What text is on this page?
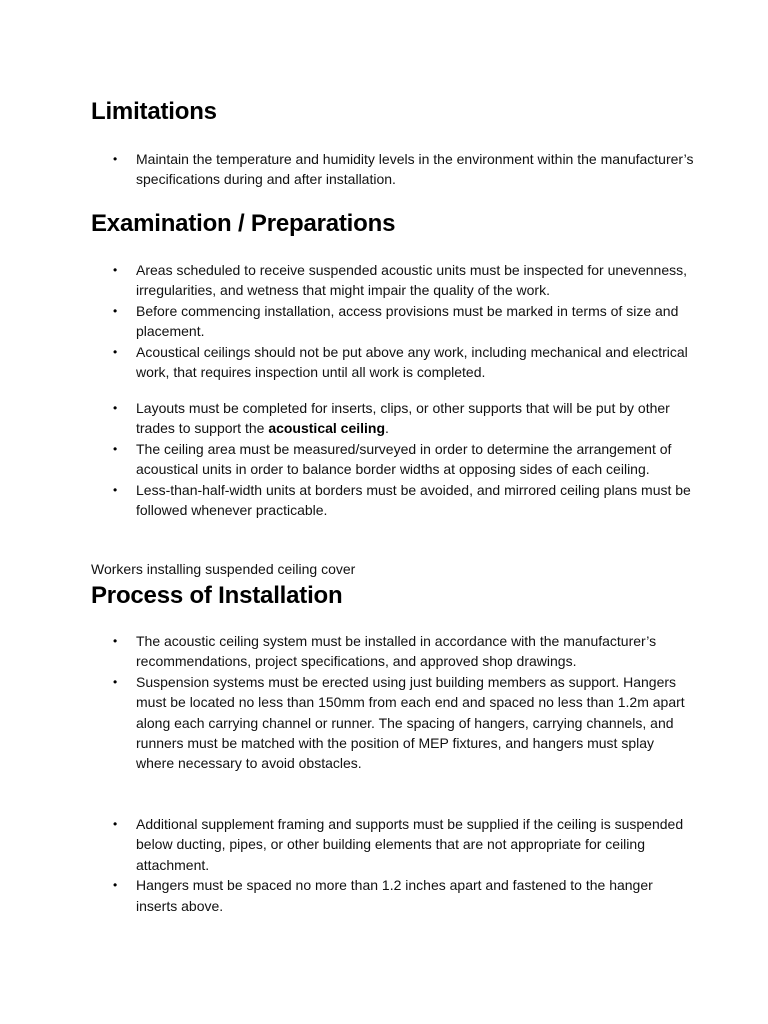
Limitations
• Maintain the temperature and humidity levels in the environment within the manufacturer’s specifications during and after installation.
Examination / Preparations
• Areas scheduled to receive suspended acoustic units must be inspected for unevenness, irregularities, and wetness that might impair the quality of the work.
• Before commencing installation, access provisions must be marked in terms of size and placement.
• Acoustical ceilings should not be put above any work, including mechanical and electrical work, that requires inspection until all work is completed.
• Layouts must be completed for inserts, clips, or other supports that will be put by other trades to support the acoustical ceiling.
• The ceiling area must be measured/surveyed in order to determine the arrangement of acoustical units in order to balance border widths at opposing sides of each ceiling.
• Less-than-half-width units at borders must be avoided, and mirrored ceiling plans must be followed whenever practicable.

Workers installing suspended ceiling cover

Process of Installation
• The acoustic ceiling system must be installed in accordance with the manufacturer’s recommendations, project specifications, and approved shop drawings.
• Suspension systems must be erected using just building members as support. Hangers must be located no less than 150mm from each end and spaced no less than 1.2m apart along each carrying channel or runner. The spacing of hangers, carrying channels, and runners must be matched with the position of MEP fixtures, and hangers must splay where necessary to avoid obstacles.
• Additional supplement framing and supports must be supplied if the ceiling is suspended below ducting, pipes, or other building elements that are not appropriate for ceiling attachment.
• Hangers must be spaced no more than 1.2 inches apart and fastened to the hanger inserts above.
